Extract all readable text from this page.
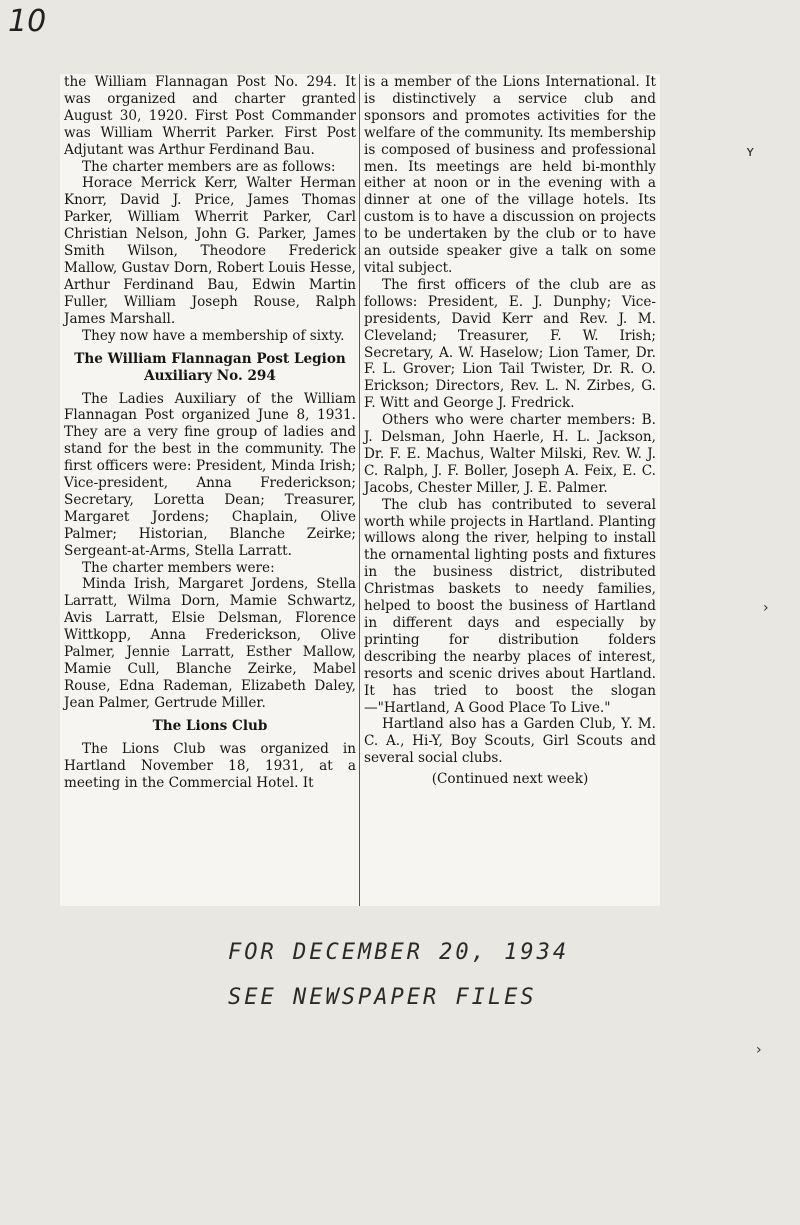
10

the William Flannagan Post No. 294. It was organized and charter granted August 30, 1920. First Post Commander was William Wherrit Parker. First Post Adjutant was Arthur Ferdinand Bau.

The charter members are as follows:

Horace Merrick Kerr, Walter Herman Knorr, David J. Price, James Thomas Parker, William Wherrit Parker, Carl Christian Nelson, John G. Parker, James Smith Wilson, Theodore Frederick Mallow, Gustav Dorn, Robert Louis Hesse, Arthur Ferdinand Bau, Edwin Martin Fuller, William Joseph Rouse, Ralph James Marshall.

They now have a membership of sixty.

The William Flannagan Post Legion Auxiliary No. 294

The Ladies Auxiliary of the William Flannagan Post organized June 8, 1931. They are a very fine group of ladies and stand for the best in the community. The first officers were: President, Minda Irish; Vice-president, Anna Frederickson; Secretary, Loretta Dean; Treasurer, Margaret Jordens; Chaplain, Olive Palmer; Historian, Blanche Zeirke; Sergeant-at-Arms, Stella Larratt.

The charter members were:

Minda Irish, Margaret Jordens, Stella Larratt, Wilma Dorn, Mamie Schwartz, Avis Larratt, Elsie Delsman, Florence Wittkopp, Anna Frederickson, Olive Palmer, Jennie Larratt, Esther Mallow, Mamie Cull, Blanche Zeirke, Mabel Rouse, Edna Rademan, Elizabeth Daley, Jean Palmer, Gertrude Miller.

The Lions Club

The Lions Club was organized in Hartland November 18, 1931, at a meeting in the Commercial Hotel. It

is a member of the Lions International. It is distinctively a service club and sponsors and promotes activities for the welfare of the community. Its membership is composed of business and professional men. Its meetings are held bi-monthly either at noon or in the evening with a dinner at one of the village hotels. Its custom is to have a discussion on projects to be undertaken by the club or to have an outside speaker give a talk on some vital subject.

The first officers of the club are as follows: President, E. J. Dunphy; Vice-presidents, David Kerr and Rev. J. M. Cleveland; Treasurer, F. W. Irish; Secretary, A. W. Haselow; Lion Tamer, Dr. F. L. Grover; Lion Tail Twister, Dr. R. O. Erickson; Directors, Rev. L. N. Zirbes, G. F. Witt and George J. Fredrick.

Others who were charter members: B. J. Delsman, John Haerle, H. L. Jackson, Dr. F. E. Machus, Walter Milski, Rev. W. J. C. Ralph, J. F. Boller, Joseph A. Feix, E. C. Jacobs, Chester Miller, J. E. Palmer.

The club has contributed to several worth while projects in Hartland. Planting willows along the river, helping to install the ornamental lighting posts and fixtures in the business district, distributed Christmas baskets to needy families, helped to boost the business of Hartland in different days and especially by printing for distribution folders describing the nearby places of interest, resorts and scenic drives about Hartland. It has tried to boost the slogan—"Hartland, A Good Place To Live."

Hartland also has a Garden Club, Y. M. C. A., Hi-Y, Boy Scouts, Girl Scouts and several social clubs.

(Continued next week)

FOR DECEMBER 20, 1934
SEE NEWSPAPER FILES
ʏ
›
›
